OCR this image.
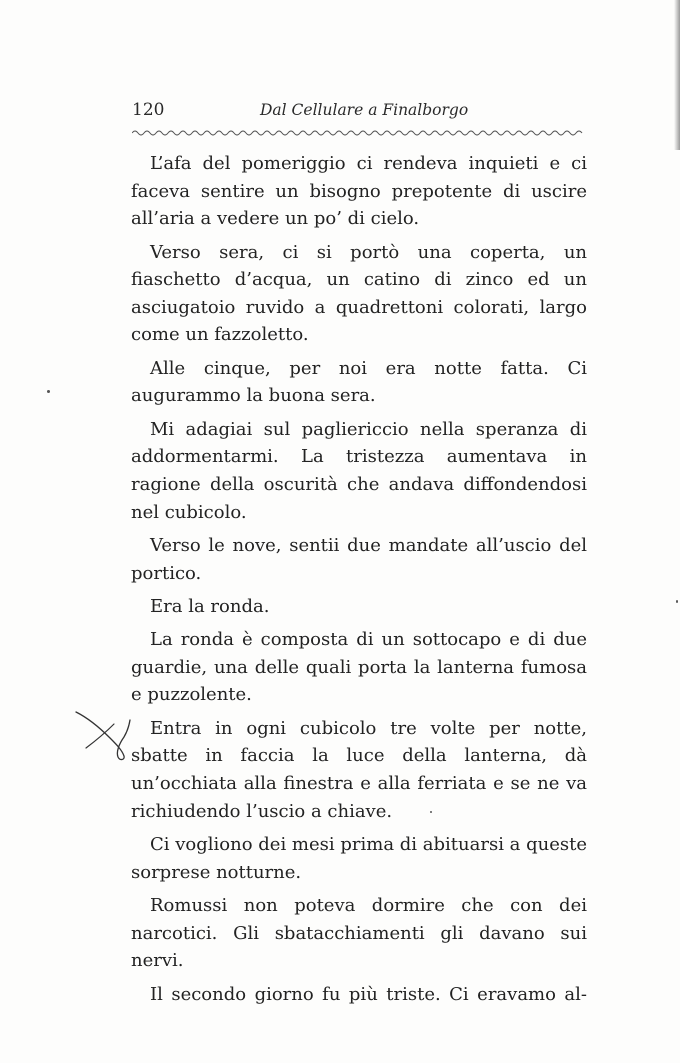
120	Dal Cellulare a Finalborgo

L’afa del pomeriggio ci rendeva inquieti e ci faceva sentire un bisogno prepotente di uscire all’aria a vedere un po’ di cielo.

Verso sera, ci si portò una coperta, un fiaschetto d’acqua, un catino di zinco ed un asciugatoio ruvido a quadrettoni colorati, largo come un fazzoletto.

Alle cinque, per noi era notte fatta. Ci augurammo la buona sera.

Mi adagiai sul pagliericcio nella speranza di addormentarmi. La tristezza aumentava in ragione della oscurità che andava diffondendosi nel cubicolo.

Verso le nove, sentii due mandate all’uscio del portico.

Era la ronda.

La ronda è composta di un sottocapo e di due guardie, una delle quali porta la lanterna fumosa e puzzolente.

Entra in ogni cubicolo tre volte per notte, sbatte in faccia la luce della lanterna, dà un’occhiata alla finestra e alla ferriata e se ne va richiudendo l’uscio a chiave.

Ci vogliono dei mesi prima di abituarsi a queste sorprese notturne.

Romussi non poteva dormire che con dei narcotici. Gli sbatacchiamenti gli davano sui nervi.

Il secondo giorno fu più triste. Ci eravamo al-
